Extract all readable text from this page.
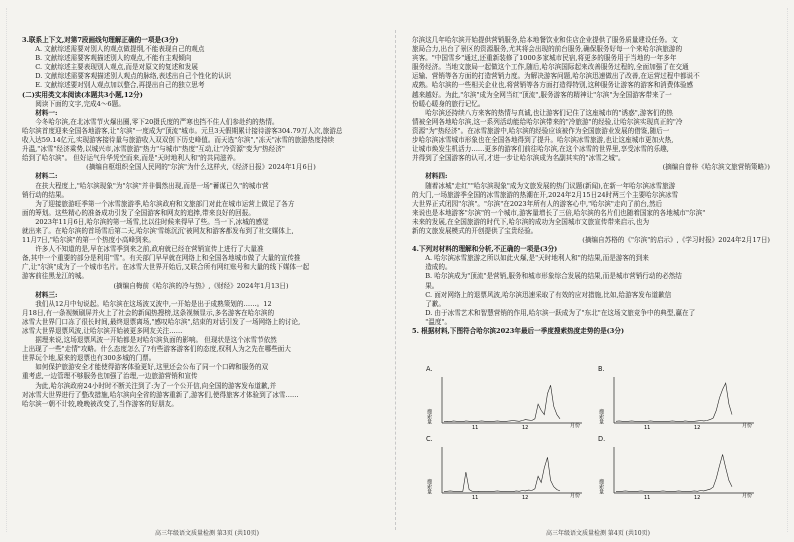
3.联系上下文,对第7段画线句理解正确的一项是(3分)
A. 文献综述需要对别人的观点做提纲,不能表现自己的观点
B. 文献综述需要客观描述别人的观点,不能有主观倾向
C. 文献综述主要表现别人观点,而是对原文的复述和发展
D. 文献综述需要客观描述别人观点的脉络,表述出自己个性化的认识
E. 文献综述要对别人观点加以整合,再提出自己的独立思考
(二)实用类文本阅读(本题共3小题,12分)
阅读下面的文字,完成4～6题。
材料一:
今冬哈尔滨,在北冰雪节火爆出圈,零下20摄氏度的严寒也挡不住人们参赴约的热情。
哈尔滨首度迎来全国各地游客,让"尔滨"一度成为"顶流"城市。元旦3天假期累计接待游客304.79万人次,旅游总
收入达59.14亿元,实现游客接待量与旅游收入双双创下历史峰值。而天选"尔滨","冻天"冰雪的旅游热度持续
升温,"冰雪"经济乘势,以城兴市,冰雪旅游"热力"与城市"热度"互动,让"冷资源"变为"热经济"
给到了哈尔滨"。 但好运气升华凭空而来,而是"天时地利人和"的共同滋养。
(摘编自枢组织全国人民网的"尔滨"为什么这样火,《经济日报》2024年1月6日)
材料二:
在扶大程度上,"哈尔滨现象"为"尔滨"并非偶然出现,而是一场"蓄谋已久"的城市营
销行动的结果。
为了迎接旅游旺季第一个冰雪旅游季,哈尔滨政府和文旅部门对此在城市运营上做足了各方
面的筹划。这些精心的准备成功引发了全国游客和网友的追捧,带来良好的回报。
2023年11月6日,哈尔滨的第一场雪,比以往时候来得早了些。当一下,冰城的感觉
就出来了。在哈尔滨的首场雪后第二天,哈尔滨'雪练沉沉'被网友和游客都发布到了社交媒体上,
11月7日,"哈尔滨"的第一个热度小高峰到来。
许多人不知道的是,早在冰雪季到来之前,政府就已经在营销宣传上进行了大量准
备,其中一个重要的部分是利用"雪"。有关部门早早就在网络上和全国各地城市做了大量的宣传推
广,让"尔滨"成为了一个城市名片。在冰雪大世界开始后,又联合所有网红账号和大量的线下媒体一起
游客前往黑龙江的城。
(摘编自梅前《哈尔滨的冷与热》,《财经》2024年1月13日)
材料三:
我们从12月中旬说起。哈尔滨在这场波又波中,一开始是出于成熟策划的……。12
月18日,有一条视频刷屏并火上了社会的新闻热搜榜,这条视频显示,多名游客在哈尔滨的
冰雪大世界门口冻了很长时间,最终退票离场,"感叹哈尔滨",结束的对话引发了一场网络上的讨论,
冰雪大世界退票风波,让哈尔滨开始被更多网友关注……
据理来说,这场退票风波一开始都是对哈尔滨负面的影响。 但现状是这个冰雪节依然
上出现了一些"走情"攻略。什么态度怎么了?有些游客游客们的态度,权利人为之先在哪些面大
世界玩个地,原来的退票也有300多城的门票。
如何保护旅游安全才能使得游客体验更好,这里还会公布了同一个口碑和服务的双
重考虑,一边管理不够服务也加强了治理,一边旅游营销和宣传
为此,哈尔滨政府24小时时不断关注到了:为了一个公开信,向全国的游客发布道歉,并
对冰雪大世界进行了整改措施,哈尔滨向全省的游客重新了,游客们,使得旅客才体验到了冰雪……
哈尔滨一朝不计较,晚晚被改变了,当作游客的好朋友。
尔滨这几年哈尔滨开始提供营销服务,给本地餐饮业和住店企业提供了服务质量建设任务。文
旅局合力,出台了景区的资源服务,尤其将会出现的前台服务,确保服务好每一个来哈尔滨旅游的
宾客。"中国雪乡"通过,还重新装修了1000多家城市民宿,将更多的服务用于当地的一年多年
服务经济。当地文旅局一起做这个工作,随后,哈尔滨国际起来改善服务过程的,全面加强了在交通
运输、营销等各方面的打造营销力度。为解决游客问题,哈尔滨迅速做出了改善,在运营过程中都说不
成熟。哈尔滨的一些相关企业也,将营销等各方面打造得特别,这种服务让游客的游客和消费体验感
越来越好。为此,"尔滨"成为全网当红"顶流",服务游客的精神让"尔滨"为全国游客带来了一
份暖心暖身的旅行记忆。
哈尔滨还持续八方来客的热情与真诚,也让游客们记住了这座城市的"诱惑",游客们的热
情被全网各地哈尔滨,这一系列活动能给哈尔滨带来的"冷旅游"的经验,让哈尔滨实现真正的"冷
资源"为"热经济"。在冰雪旅游中,哈尔滨的经验应该被作为全国旅游业发展的借鉴,随后一
步哈尔滨冰雪城市形象也在全国各地得到了提升。哈尔滨冰雪旅游,也让这座城市更加火热,
让城市焕发生机活力……更多的游客们前往哈尔滨,在这个冰雪的世界里,享受冰雪的乐趣,
并得到了全国游客的认可,才进一步让哈尔滨成为名副其实的"冰雪之城"。
(摘编自曾梓《哈尔滨文旅营销策略》)
材料四:
随着冰城"走红""哈尔滨现象"成为文旅发展的热门议题(新闻),在新一年哈尔滨冰雪旅游
的大门,一场旅游季全国的冰雪旅游的热潮在开,2024年2月15日24时两三个主要哈尔滨冰雪
大世界正式闭园"尔滨"。"尔滨"在2023年所有人的游客心中,"哈尔滨"走向了前台,然后
来说也是本地游客"尔滨"的一个城市,游客量增长了三倍,哈尔滨的名片们也随着国家的各地城市"尔滨"
未来的发展,在全国旅游的时代下,哈尔滨的成功为全国城市文旅宣传带来启示,也为
新的文旅发展模式的开创提供了宝贵经验。
(摘编自苏格的《"尔滨"的启示》,《学习时报》2024年2月17日)
4.下列对材料的理解和分析,不正确的一项是(3分)
A. 哈尔滨冰雪旅游之所以如此火爆,是"天时地利人和"的结果,而是游客的到来
造成的。
B. 哈尔滨成为"顶流"是营销,服务和城市形象综合发展的结果,而是城市营销行动的必然结
果。
C. 面对网络上的退票风波,哈尔滨迅速采取了有效的应对措施,比如,给游客发布道歉信
了歉。
D. 由于冰雪艺术和智慧营销的作用,哈尔滨一跃成为了"东北"在这场文旅竞争中的典型,赢在了
"温度"。
5. 根据材料,下图符合哈尔滨2023年最后一季度搜索热度走势的是(3分)
A.
搜索量
月份
11	12
B.
搜索量
月份
11	12
C.
搜索量
月份
11	12
D.
搜索量
月份
11	12
高三年级语文质量检测 第3页 (共10页)	高三年级语文质量检测 第4页 (共10页)
